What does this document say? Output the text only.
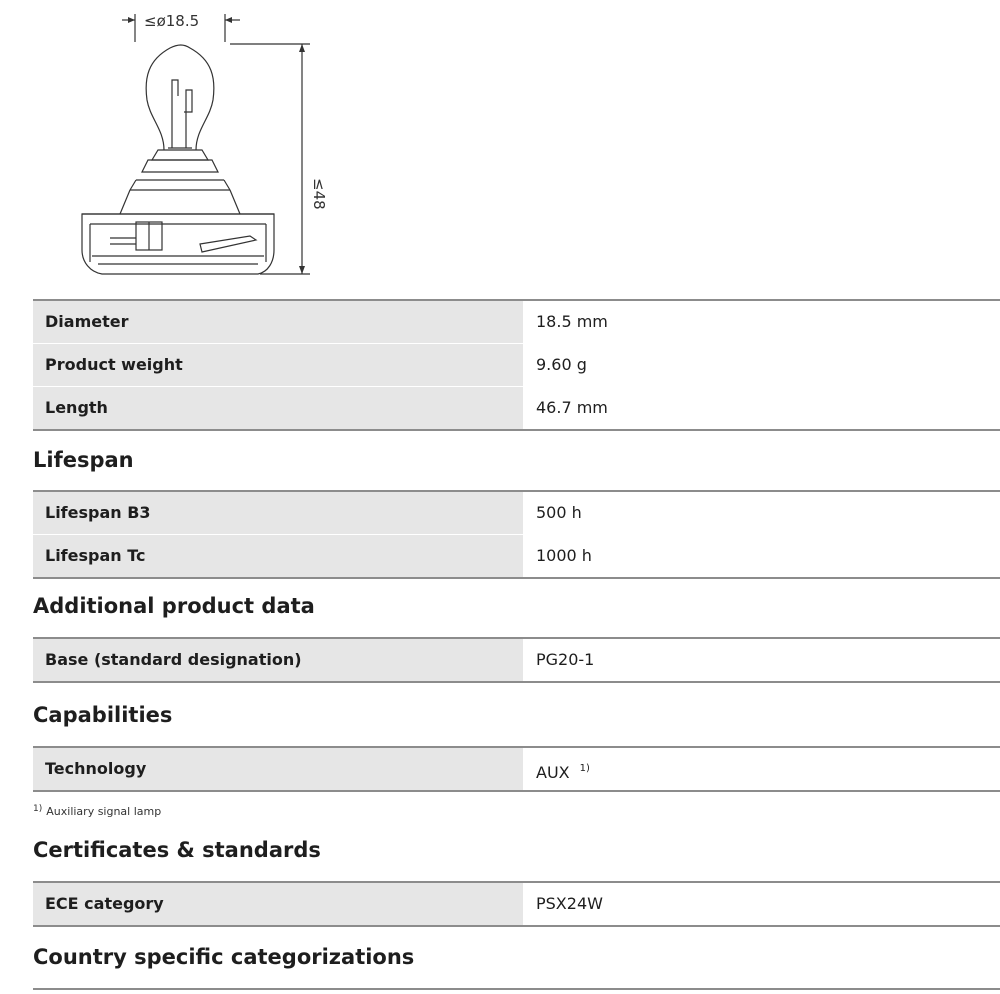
≤ø18.5
≤48
Diameter	18.5 mm
Product weight	9.60 g
Length	46.7 mm
Lifespan
Lifespan B3	500 h
Lifespan Tc	1000 h
Additional product data
Base (standard designation)	PG20-1
Capabilities
Technology	AUX $^{1)}$
$^{1)}$ Auxiliary signal lamp
Certificates & standards
ECE category	PSX24W
Country specific categorizations
